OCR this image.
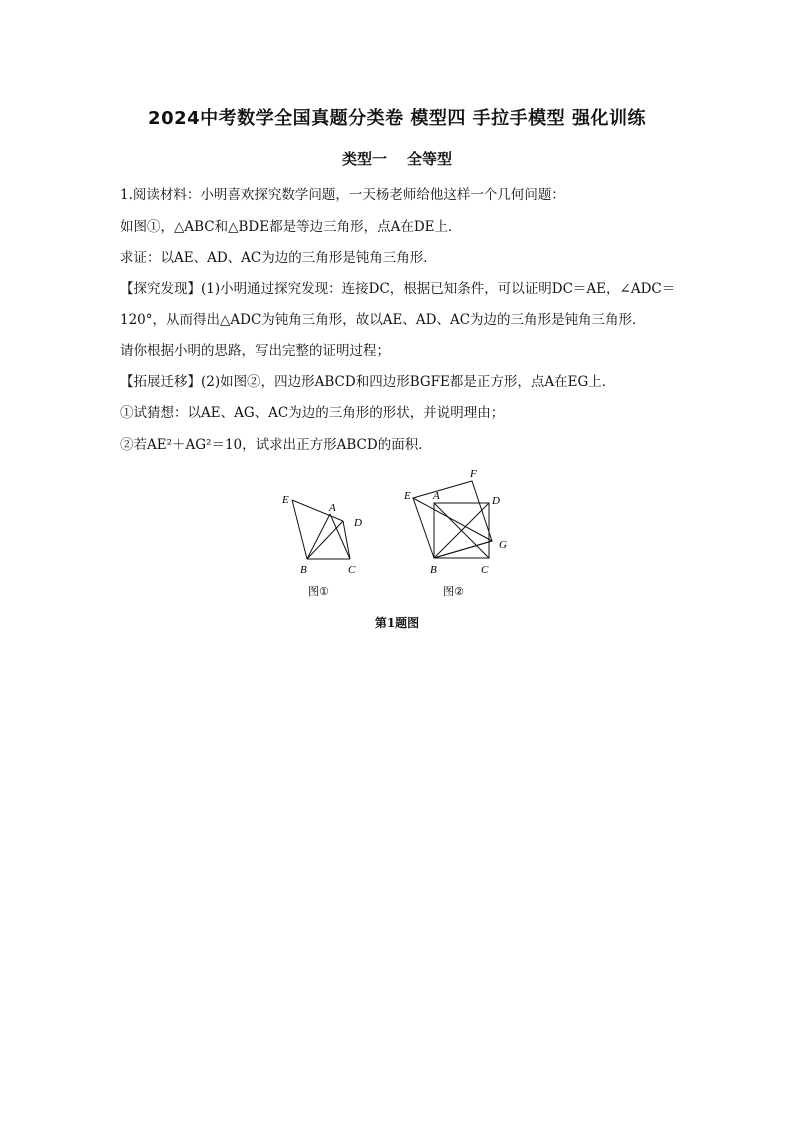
2024中考数学全国真题分类卷 模型四 手拉手模型 强化训练
类型一 全等型
1.阅读材料：小明喜欢探究数学问题，一天杨老师给他这样一个几何问题：
如图①，△ABC和△BDE都是等边三角形，点A在DE上．
求证：以AE、AD、AC为边的三角形是钝角三角形．
【探究发现】(1)小明通过探究发现：连接DC，根据已知条件，可以证明DC＝AE，∠ADC＝
120°，从而得出△ADC为钝角三角形，故以AE、AD、AC为边的三角形是钝角三角形．
请你根据小明的思路，写出完整的证明过程；
【拓展迁移】(2)如图②，四边形ABCD和四边形BGFE都是正方形，点A在EG上．
①试猜想：以AE、AG、AC为边的三角形的形状，并说明理由；
②若AE²＋AG²＝10，试求出正方形ABCD的面积．
E
A
D
B	C
图①
E A
F
D
G
B	C
图②
第1题图
